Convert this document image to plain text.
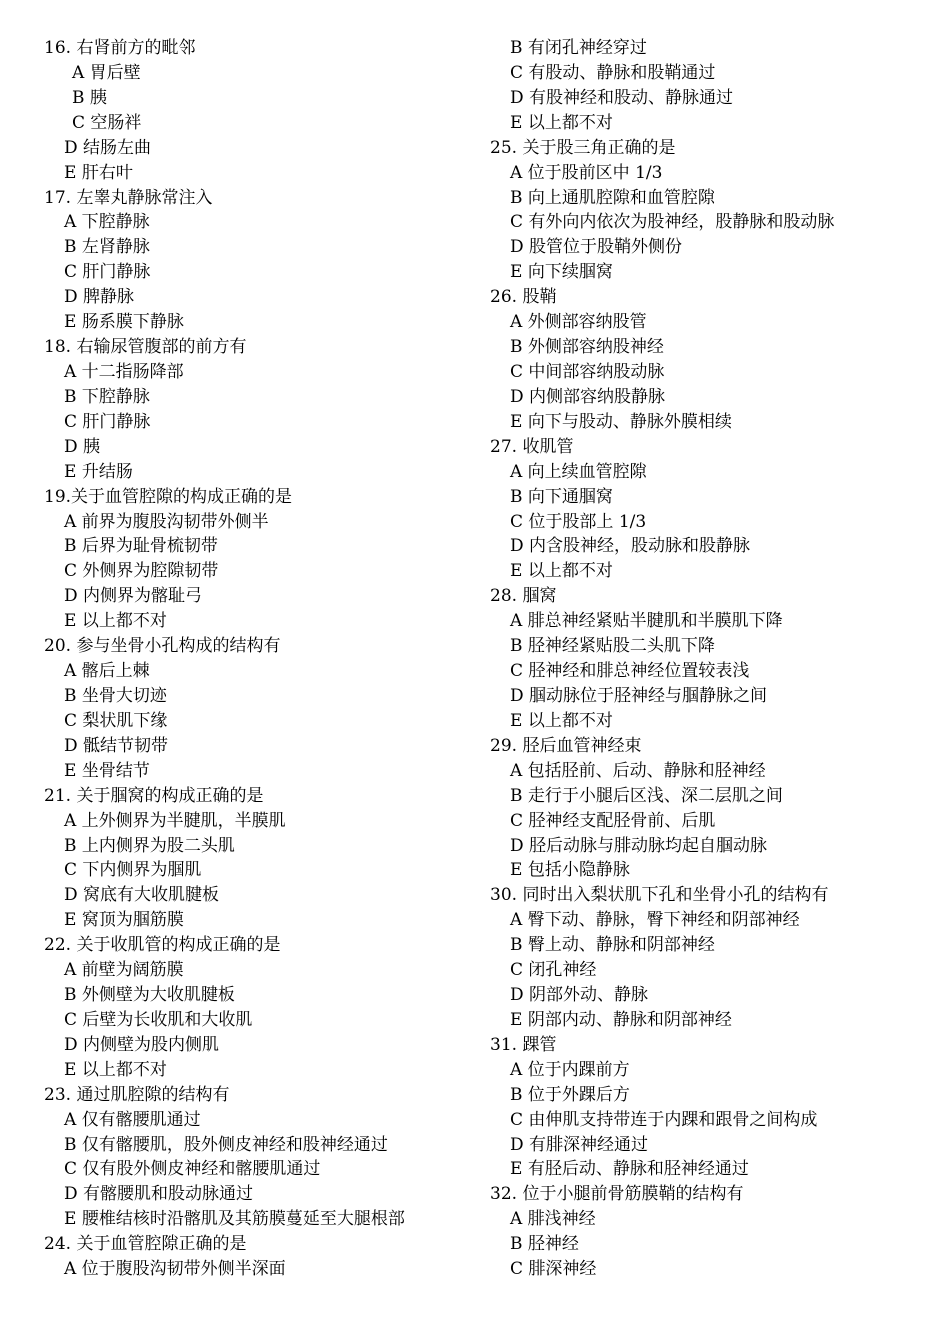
16. 右肾前方的毗邻
A 胃后壁
B 胰
C 空肠袢
D 结肠左曲
E 肝右叶
17. 左睾丸静脉常注入
A 下腔静脉
B 左肾静脉
C 肝门静脉
D 脾静脉
E 肠系膜下静脉
18. 右输尿管腹部的前方有
A 十二指肠降部
B 下腔静脉
C 肝门静脉
D 胰
E 升结肠
19.关于血管腔隙的构成正确的是
A 前界为腹股沟韧带外侧半
B 后界为耻骨梳韧带
C 外侧界为腔隙韧带
D 内侧界为髂耻弓
E 以上都不对
20. 参与坐骨小孔构成的结构有
A 髂后上棘
B 坐骨大切迹
C 梨状肌下缘
D 骶结节韧带
E 坐骨结节
21. 关于腘窝的构成正确的是
A 上外侧界为半腱肌，半膜肌
B 上内侧界为股二头肌
C 下内侧界为腘肌
D 窝底有大收肌腱板
E 窝顶为腘筋膜
22. 关于收肌管的构成正确的是
A 前壁为阔筋膜
B 外侧壁为大收肌腱板
C 后壁为长收肌和大收肌
D 内侧壁为股内侧肌
E 以上都不对
23. 通过肌腔隙的结构有
A 仅有髂腰肌通过
B 仅有髂腰肌，股外侧皮神经和股神经通过
C 仅有股外侧皮神经和髂腰肌通过
D 有髂腰肌和股动脉通过
E 腰椎结核时沿髂肌及其筋膜蔓延至大腿根部
24. 关于血管腔隙正确的是
A 位于腹股沟韧带外侧半深面
B 有闭孔神经穿过
C 有股动、静脉和股鞘通过
D 有股神经和股动、静脉通过
E 以上都不对
25. 关于股三角正确的是
A 位于股前区中 1/3
B 向上通肌腔隙和血管腔隙
C 有外向内依次为股神经，股静脉和股动脉
D 股管位于股鞘外侧份
E 向下续腘窝
26. 股鞘
A 外侧部容纳股管
B 外侧部容纳股神经
C 中间部容纳股动脉
D 内侧部容纳股静脉
E 向下与股动、静脉外膜相续
27. 收肌管
A 向上续血管腔隙
B 向下通腘窝
C 位于股部上 1/3
D 内含股神经，股动脉和股静脉
E 以上都不对
28. 腘窝
A 腓总神经紧贴半腱肌和半膜肌下降
B 胫神经紧贴股二头肌下降
C 胫神经和腓总神经位置较表浅
D 腘动脉位于胫神经与腘静脉之间
E 以上都不对
29. 胫后血管神经束
A 包括胫前、后动、静脉和胫神经
B 走行于小腿后区浅、深二层肌之间
C 胫神经支配胫骨前、后肌
D 胫后动脉与腓动脉均起自腘动脉
E 包括小隐静脉
30. 同时出入梨状肌下孔和坐骨小孔的结构有
A 臀下动、静脉，臀下神经和阴部神经
B 臀上动、静脉和阴部神经
C 闭孔神经
D 阴部外动、静脉
E 阴部内动、静脉和阴部神经
31. 踝管
A 位于内踝前方
B 位于外踝后方
C 由伸肌支持带连于内踝和跟骨之间构成
D 有腓深神经通过
E 有胫后动、静脉和胫神经通过
32. 位于小腿前骨筋膜鞘的结构有
A 腓浅神经
B 胫神经
C 腓深神经
